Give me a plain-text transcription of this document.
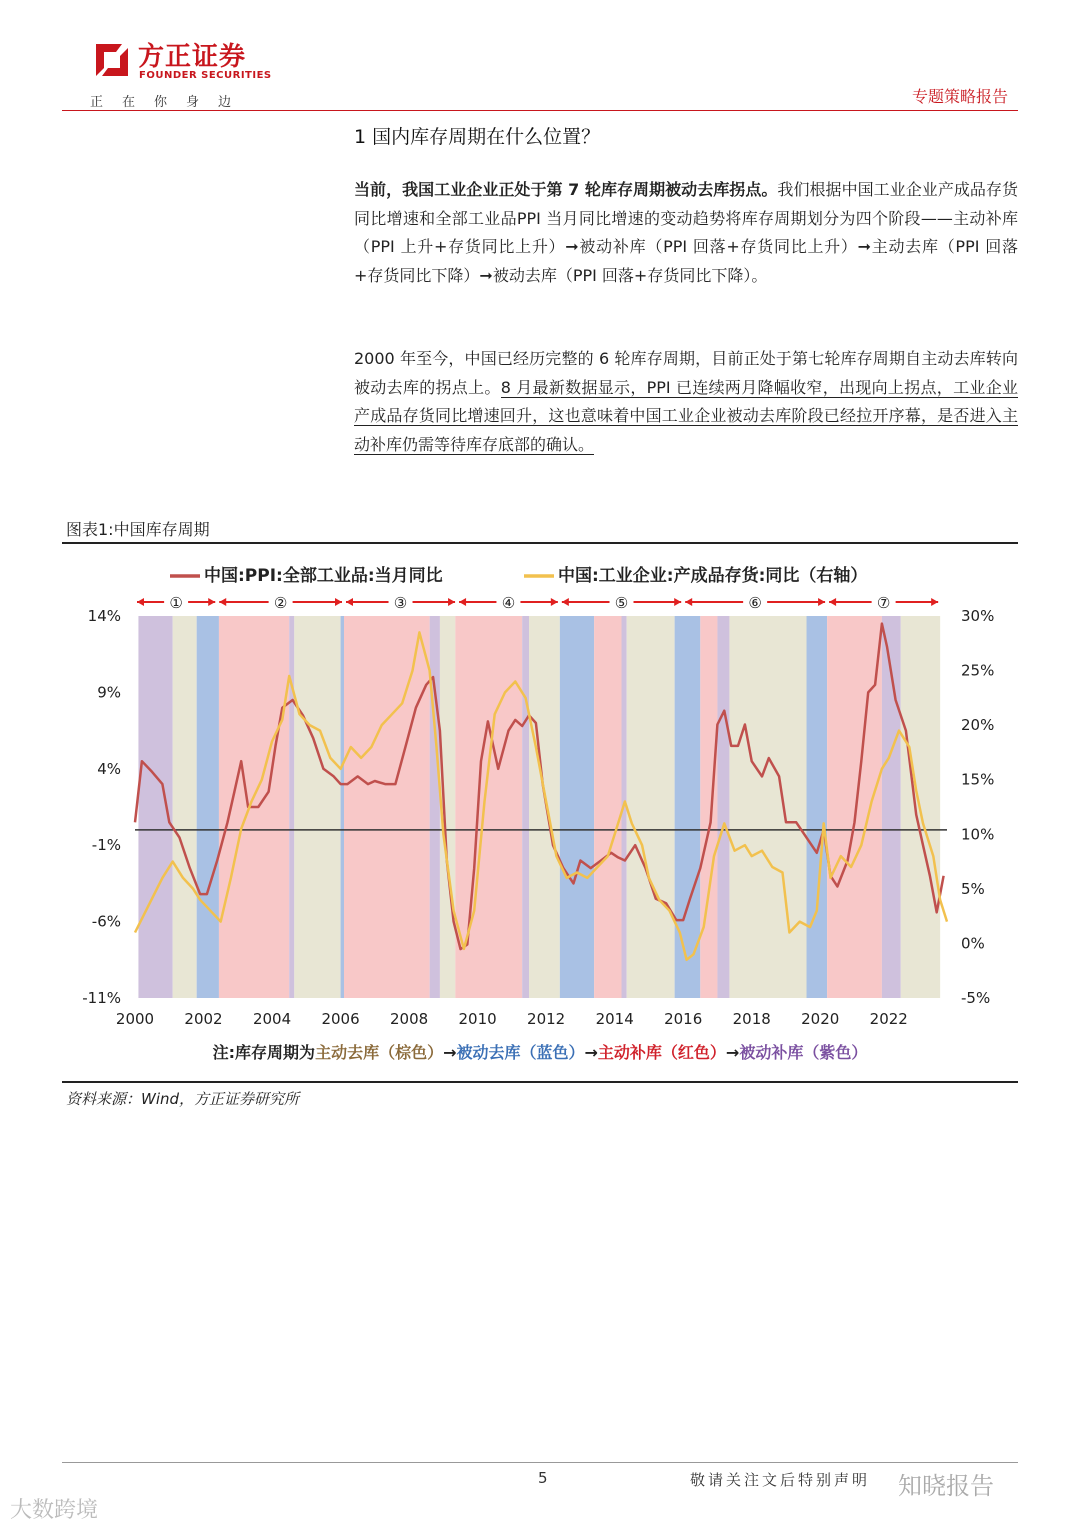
方正证券
FOUNDER SECURITIES
正在你身边	专题策略报告
1 国内库存周期在什么位置？
当前，我国工业企业正处于第 7 轮库存周期被动去库拐点。我们根据中国工业企业产成品存货同比增速和全部工业品PPI 当月同比增速的变动趋势将库存周期划分为四个阶段——主动补库（PPI 上升+存货同比上升）➞被动补库（PPI 回落+存货同比上升）➞主动去库（PPI 回落+存货同比下降）➞被动去库（PPI 回落+存货同比下降）。
2000 年至今，中国已经历完整的 6 轮库存周期，目前正处于第七轮库存周期自主动去库转向被动去库的拐点上。8 月最新数据显示，PPI 已连续两月降幅收窄，出现向上拐点，工业企业产成品存货同比增速回升，这也意味着中国工业企业被动去库阶段已经拉开序幕，是否进入主动补库仍需等待库存底部的确认。
图表1:中国库存周期
14%
9%
4%
-1%
-6%
-11%
30%
25%
20%
15%
10%
5%
0%
-5%
2000 2002 2004 2006 2008 2010 2012 2014 2016 2018 2020 2022
中国:PPI:全部工业品:当月同比	中国:工业企业:产成品存货:同比（右轴）
①	②	③	④	⑤	⑥	⑦
注:库存周期为主动去库（棕色）→被动去库（蓝色）→主动补库（红色）→被动补库（紫色）
资料来源：Wind，方正证券研究所
5	敬请关注文后特别声明
大数跨境
知晓报告
